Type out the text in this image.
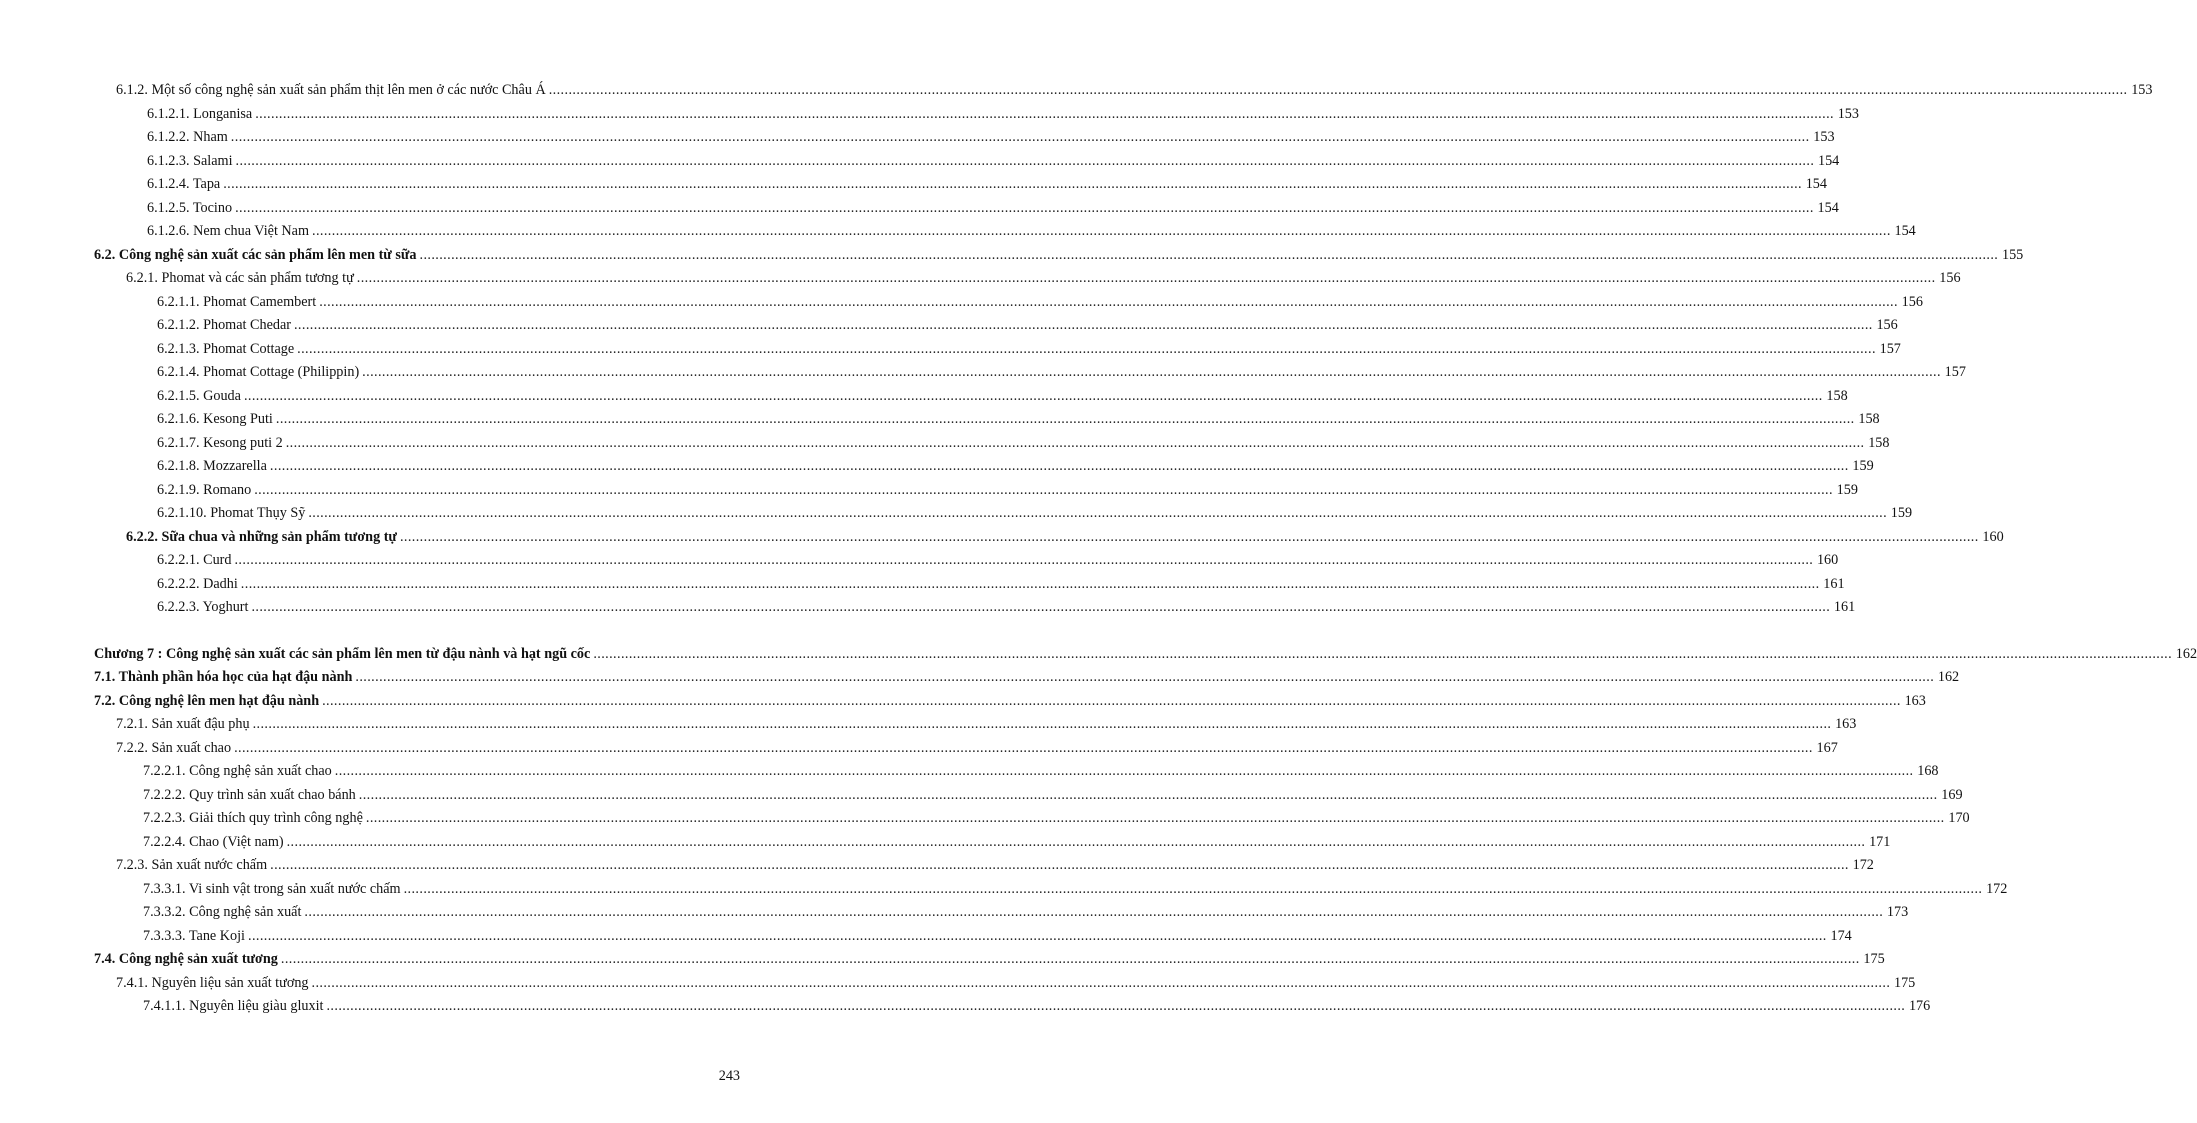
6.1.2. Một số công nghệ sản xuất sản phẩm thịt lên men ở các nước Châu Á ................................................................................................................................................................................................................................................................................................................................................................................................................ 153
6.1.2.1. Longanisa ................................................................................................................................................................................................................................................................................................................................................................................................................ 153
6.1.2.2. Nham ................................................................................................................................................................................................................................................................................................................................................................................................................ 153
6.1.2.3. Salami ................................................................................................................................................................................................................................................................................................................................................................................................................ 154
6.1.2.4. Tapa ................................................................................................................................................................................................................................................................................................................................................................................................................ 154
6.1.2.5. Tocino ................................................................................................................................................................................................................................................................................................................................................................................................................ 154
6.1.2.6. Nem chua Việt Nam ................................................................................................................................................................................................................................................................................................................................................................................................................ 154
6.2. Công nghệ sản xuất các sản phẩm lên men từ sữa ................................................................................................................................................................................................................................................................................................................................................................................................................ 155
6.2.1. Phomat và các sản phẩm tương tự ................................................................................................................................................................................................................................................................................................................................................................................................................ 156
6.2.1.1. Phomat Camembert ................................................................................................................................................................................................................................................................................................................................................................................................................ 156
6.2.1.2. Phomat Chedar ................................................................................................................................................................................................................................................................................................................................................................................................................ 156
6.2.1.3. Phomat Cottage ................................................................................................................................................................................................................................................................................................................................................................................................................ 157
6.2.1.4. Phomat Cottage (Philippin) ................................................................................................................................................................................................................................................................................................................................................................................................................ 157
6.2.1.5. Gouda ................................................................................................................................................................................................................................................................................................................................................................................................................ 158
6.2.1.6. Kesong Puti ................................................................................................................................................................................................................................................................................................................................................................................................................ 158
6.2.1.7. Kesong puti 2 ................................................................................................................................................................................................................................................................................................................................................................................................................ 158
6.2.1.8. Mozzarella ................................................................................................................................................................................................................................................................................................................................................................................................................ 159
6.2.1.9. Romano ................................................................................................................................................................................................................................................................................................................................................................................................................ 159
6.2.1.10. Phomat Thụy Sỹ ................................................................................................................................................................................................................................................................................................................................................................................................................ 159
6.2.2. Sữa chua và những sản phẩm tương tự ................................................................................................................................................................................................................................................................................................................................................................................................................ 160
6.2.2.1. Curd ................................................................................................................................................................................................................................................................................................................................................................................................................ 160
6.2.2.2. Dadhi ................................................................................................................................................................................................................................................................................................................................................................................................................ 161
6.2.2.3. Yoghurt ................................................................................................................................................................................................................................................................................................................................................................................................................ 161
Chương 7 : Công nghệ sản xuất các sản phẩm lên men từ đậu nành và hạt ngũ cốc ................................................................................................................................................................................................................................................................................................................................................................................................................ 162
7.1. Thành phần hóa học của hạt đậu nành ................................................................................................................................................................................................................................................................................................................................................................................................................ 162
7.2. Công nghệ lên men hạt đậu nành ................................................................................................................................................................................................................................................................................................................................................................................................................ 163
7.2.1. Sản xuất đậu phụ ................................................................................................................................................................................................................................................................................................................................................................................................................ 163
7.2.2. Sản xuất chao ................................................................................................................................................................................................................................................................................................................................................................................................................ 167
7.2.2.1. Công nghệ sản xuất chao ................................................................................................................................................................................................................................................................................................................................................................................................................ 168
7.2.2.2. Quy trình sản xuất chao bánh ................................................................................................................................................................................................................................................................................................................................................................................................................ 169
7.2.2.3. Giải thích quy trình công nghệ ................................................................................................................................................................................................................................................................................................................................................................................................................ 170
7.2.2.4. Chao (Việt nam) ................................................................................................................................................................................................................................................................................................................................................................................................................ 171
7.2.3. Sản xuất nước chấm ................................................................................................................................................................................................................................................................................................................................................................................................................ 172
7.3.3.1. Vi sinh vật trong sản xuất nước chấm ................................................................................................................................................................................................................................................................................................................................................................................................................ 172
7.3.3.2. Công nghệ sản xuất ................................................................................................................................................................................................................................................................................................................................................................................................................ 173
7.3.3.3. Tane Koji ................................................................................................................................................................................................................................................................................................................................................................................................................ 174
7.4. Công nghệ sản xuất tương ................................................................................................................................................................................................................................................................................................................................................................................................................ 175
7.4.1. Nguyên liệu sản xuất tương ................................................................................................................................................................................................................................................................................................................................................................................................................ 175
7.4.1.1. Nguyên liệu giàu gluxit ................................................................................................................................................................................................................................................................................................................................................................................................................ 176
243
